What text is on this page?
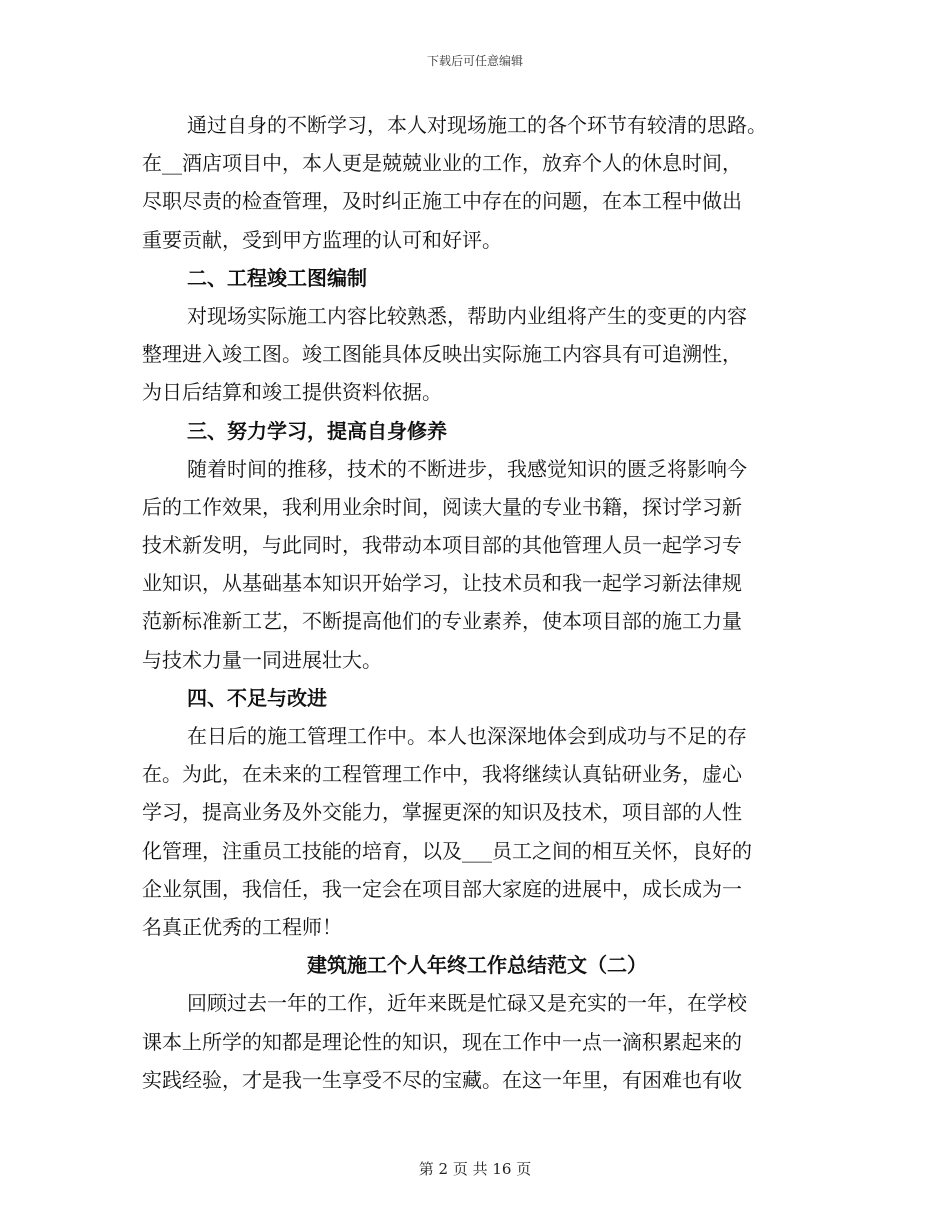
下载后可任意编辑
通过自身的不断学习，本人对现场施工的各个环节有较清的思路。
在__酒店项目中，本人更是兢兢业业的工作，放弃个人的休息时间，
尽职尽责的检查管理，及时纠正施工中存在的问题，在本工程中做出
重要贡献，受到甲方监理的认可和好评。
二、工程竣工图编制
对现场实际施工内容比较熟悉，帮助内业组将产生的变更的内容
整理进入竣工图。竣工图能具体反映出实际施工内容具有可追溯性，
为日后结算和竣工提供资料依据。
三、努力学习，提高自身修养
随着时间的推移，技术的不断进步，我感觉知识的匮乏将影响今
后的工作效果，我利用业余时间，阅读大量的专业书籍，探讨学习新
技术新发明，与此同时，我带动本项目部的其他管理人员一起学习专
业知识，从基础基本知识开始学习，让技术员和我一起学习新法律规
范新标准新工艺，不断提高他们的专业素养，使本项目部的施工力量
与技术力量一同进展壮大。
四、不足与改进
在日后的施工管理工作中。本人也深深地体会到成功与不足的存
在。为此，在未来的工程管理工作中，我将继续认真钻研业务，虚心
学习，提高业务及外交能力，掌握更深的知识及技术，项目部的人性
化管理，注重员工技能的培育，以及___员工之间的相互关怀，良好的
企业氛围，我信任，我一定会在项目部大家庭的进展中，成长成为一
名真正优秀的工程师！
建筑施工个人年终工作总结范文（二）
回顾过去一年的工作，近年来既是忙碌又是充实的一年，在学校
课本上所学的知都是理论性的知识，现在工作中一点一滴积累起来的
实践经验，才是我一生享受不尽的宝藏。在这一年里，有困难也有收
第 2 页 共 16 页
